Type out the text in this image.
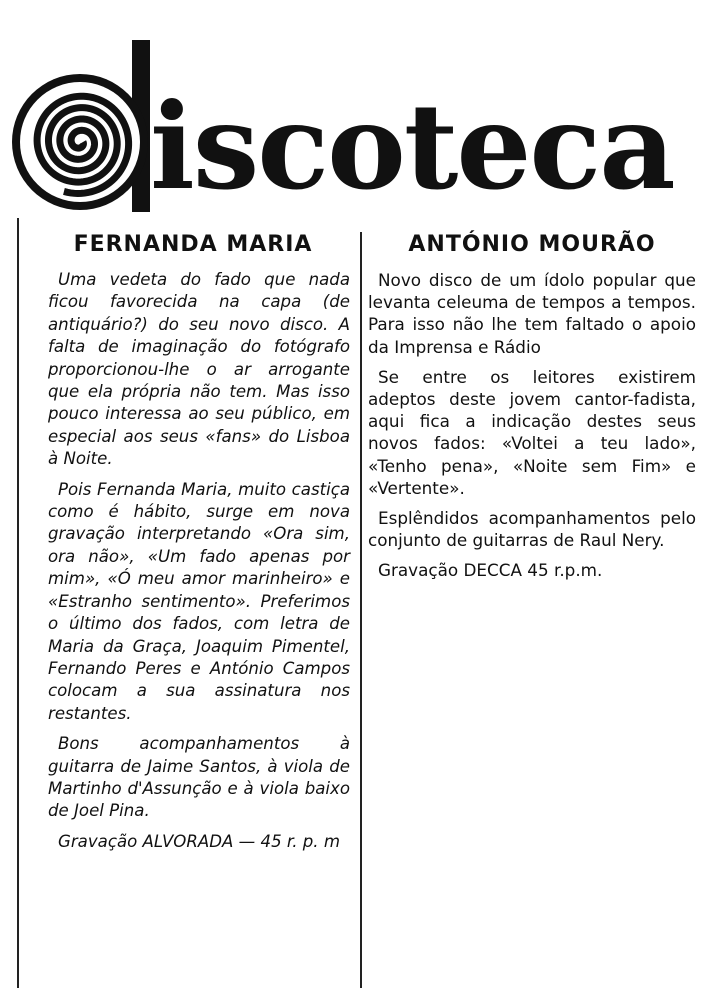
iscoteca
FERNANDA MARIA

Uma vedeta do fado que nada ficou favorecida na capa (de antiquário?) do seu novo disco. A falta de imaginação do fotógrafo proporcionou-lhe o ar arrogante que ela própria não tem. Mas isso pouco interessa ao seu público, em especial aos seus «fans» do Lisboa à Noite.

Pois Fernanda Maria, muito castiça como é hábito, surge em nova gravação interpretando «Ora sim, ora não», «Um fado apenas por mim», «Ó meu amor marinheiro» e «Estranho sentimento». Preferimos o último dos fados, com letra de Maria da Graça, Joaquim Pimentel, Fernando Peres e António Campos colocam a sua assinatura nos restantes.

Bons acompanhamentos à guitarra de Jaime Santos, à viola de Martinho d'Assunção e à viola baixo de Joel Pina.

Gravação ALVORADA — 45 r. p. m

ANTÓNIO MOURÃO

Novo disco de um ídolo popular que levanta celeuma de tempos a tempos. Para isso não lhe tem faltado o apoio da Imprensa e Rádio

Se entre os leitores existirem adeptos deste jovem cantor-fadista, aqui fica a indicação destes seus novos fados: «Voltei a teu lado», «Tenho pena», «Noite sem Fim» e «Vertente».

Esplêndidos acompanhamentos pelo conjunto de guitarras de Raul Nery.

Gravação DECCA 45 r.p.m.
